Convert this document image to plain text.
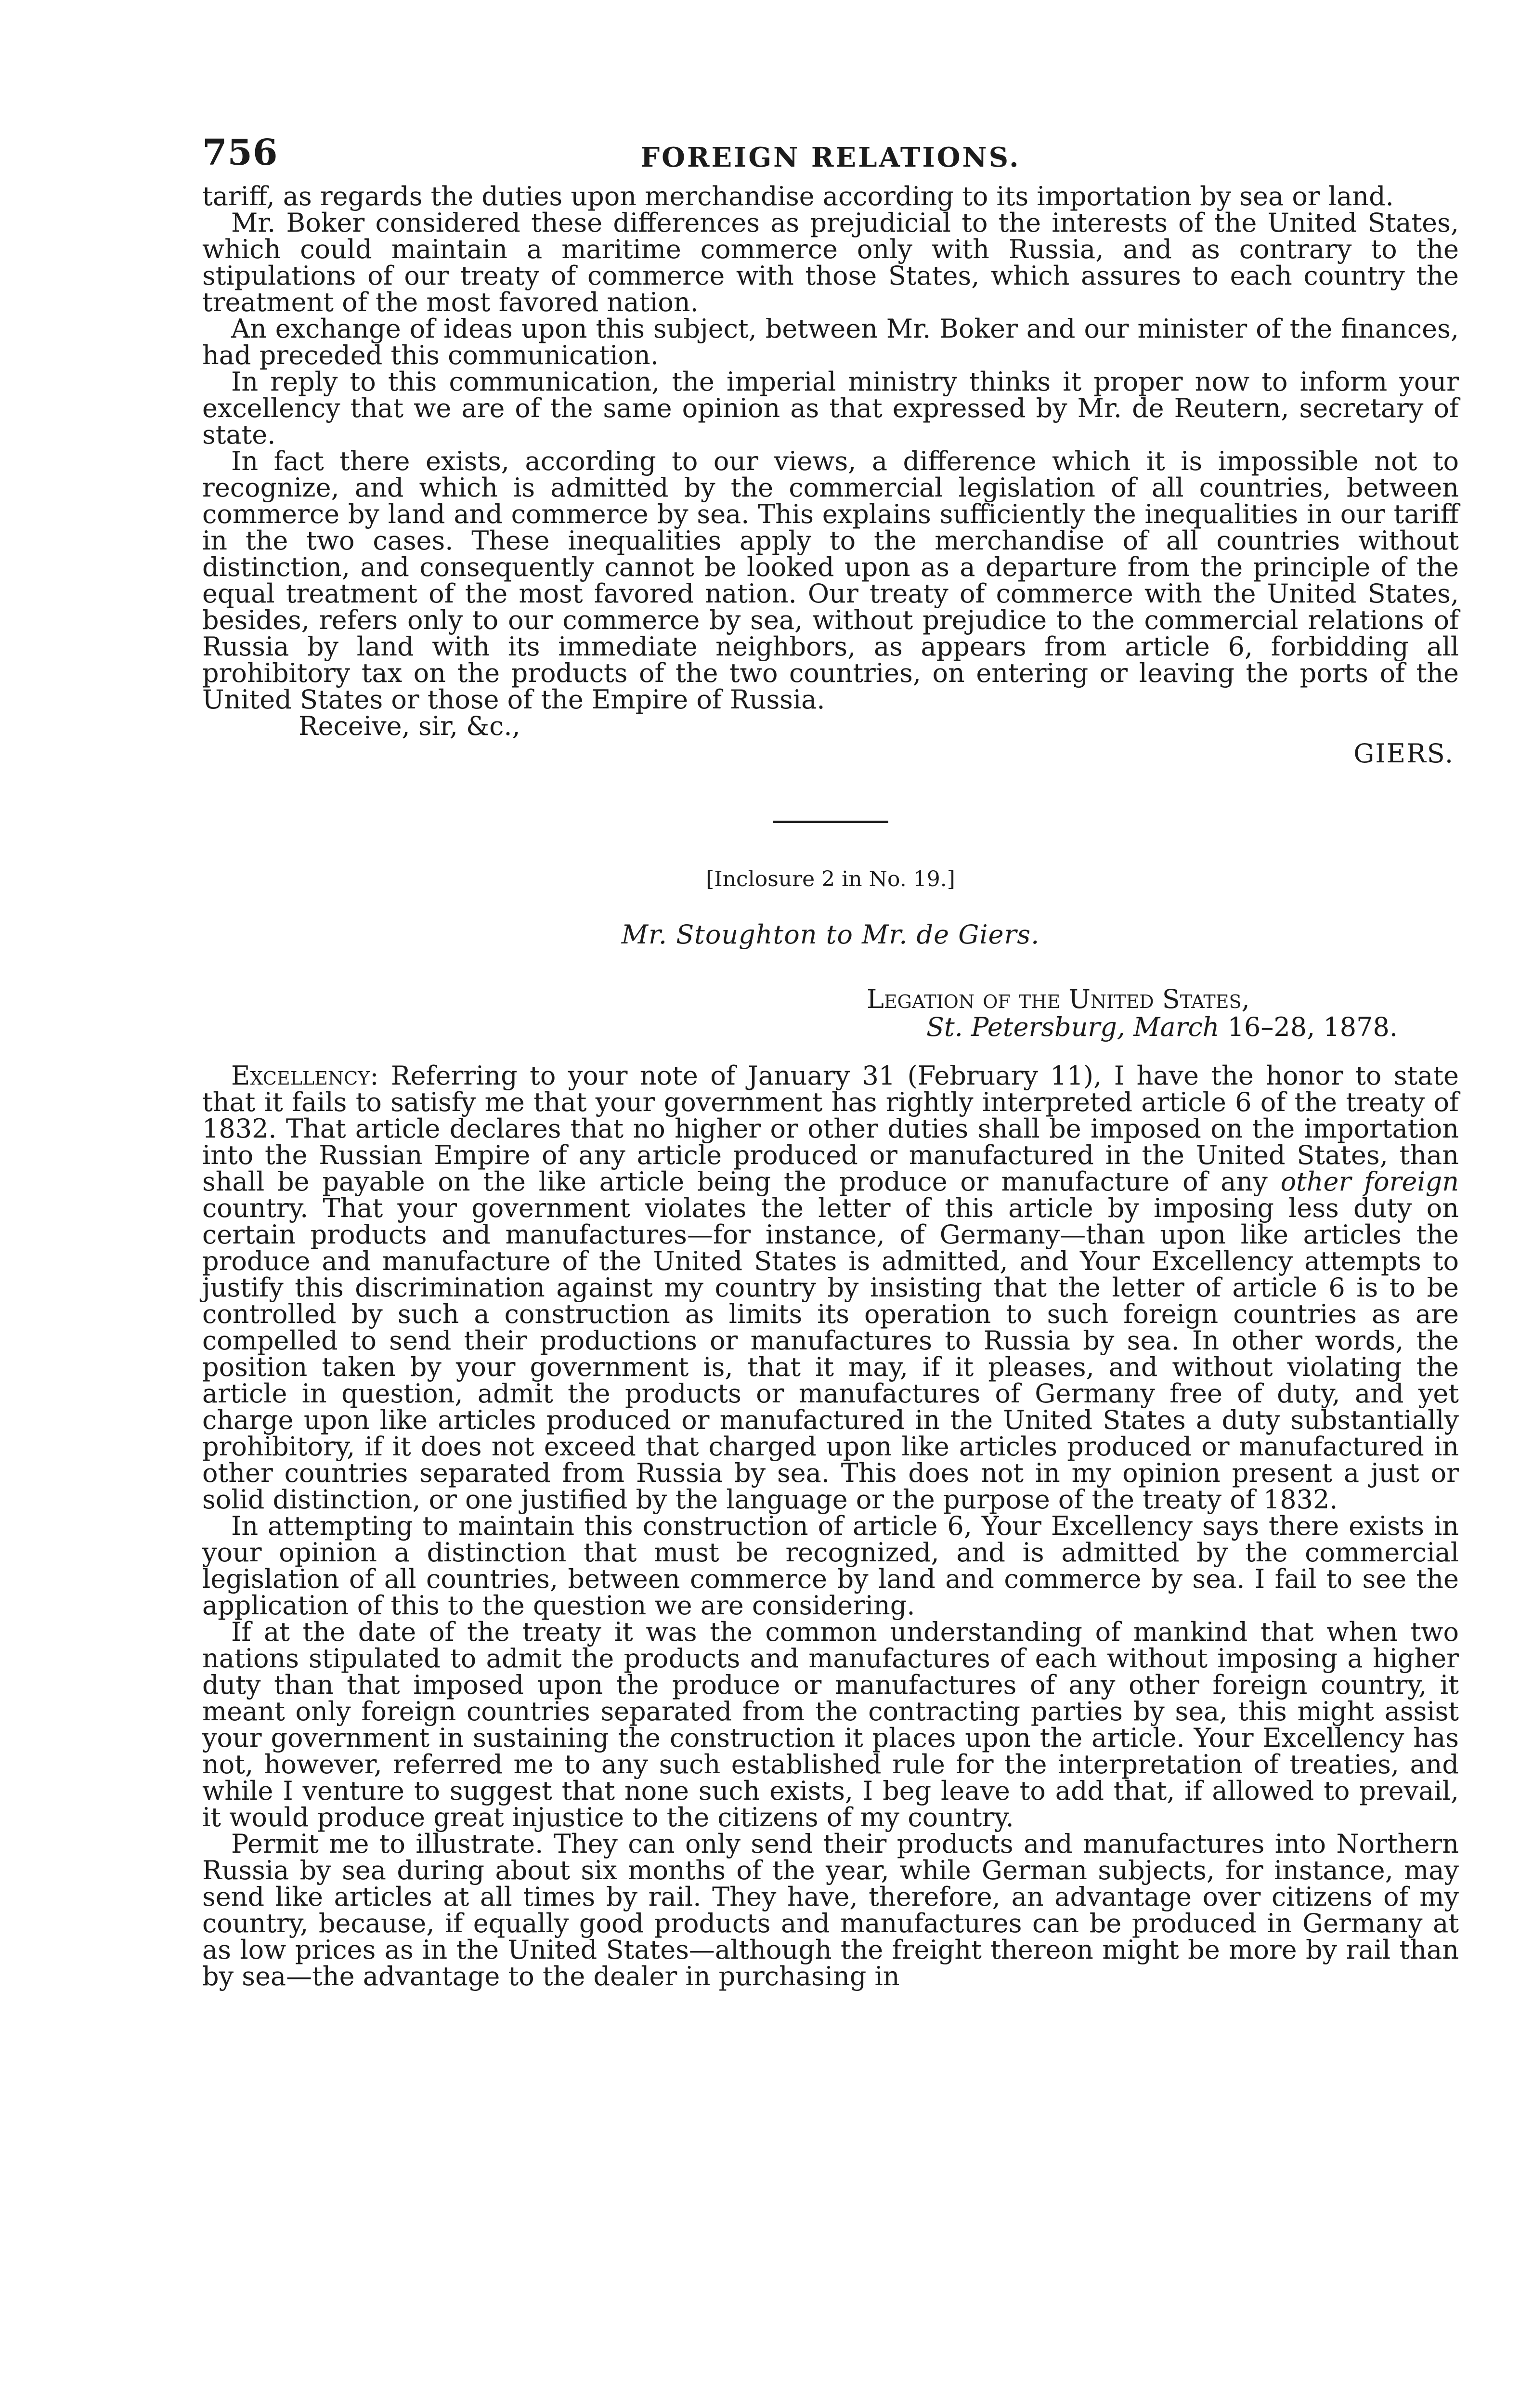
756	FOREIGN RELATIONS.

tariff, as regards the duties upon merchandise according to its importation by sea or land.

Mr. Boker considered these differences as prejudicial to the interests of the United States, which could maintain a maritime commerce only with Russia, and as contrary to the stipulations of our treaty of commerce with those States, which assures to each country the treatment of the most favored nation.

An exchange of ideas upon this subject, between Mr. Boker and our minister of the finances, had preceded this communication.

In reply to this communication, the imperial ministry thinks it proper now to inform your excellency that we are of the same opinion as that expressed by Mr. de Reutern, secretary of state.

In fact there exists, according to our views, a difference which it is impossible not to recognize, and which is admitted by the commercial legislation of all countries, between commerce by land and commerce by sea. This explains sufficiently the inequalities in our tariff in the two cases. These inequalities apply to the merchandise of all countries without distinction, and consequently cannot be looked upon as a departure from the principle of the equal treatment of the most favored nation. Our treaty of commerce with the United States, besides, refers only to our commerce by sea, without prejudice to the commercial relations of Russia by land with its immediate neighbors, as appears from article 6, forbidding all prohibitory tax on the products of the two countries, on entering or leaving the ports of the United States or those of the Empire of Russia.

Receive, sir, &c.,

GIERS.

[Inclosure 2 in No. 19.]
Mr. Stoughton to Mr. de Giers.
Legation of the United States,
St. Petersburg, March 16–28, 1878.

Excellency: Referring to your note of January 31 (February 11), I have the honor to state that it fails to satisfy me that your government has rightly interpreted article 6 of the treaty of 1832. That article declares that no higher or other duties shall be imposed on the importation into the Russian Empire of any article produced or manufactured in the United States, than shall be payable on the like article being the produce or manufacture of any other foreign country. That your government violates the letter of this article by imposing less duty on certain products and manufactures—for instance, of Germany—than upon like articles the produce and manufacture of the United States is admitted, and Your Excellency attempts to justify this discrimination against my country by insisting that the letter of article 6 is to be controlled by such a construction as limits its operation to such foreign countries as are compelled to send their productions or manufactures to Russia by sea. In other words, the position taken by your government is, that it may, if it pleases, and without violating the article in question, admit the products or manufactures of Germany free of duty, and yet charge upon like articles produced or manufactured in the United States a duty substantially prohibitory, if it does not exceed that charged upon like articles produced or manufactured in other countries separated from Russia by sea. This does not in my opinion present a just or solid distinction, or one justified by the language or the purpose of the treaty of 1832.

In attempting to maintain this construction of article 6, Your Excellency says there exists in your opinion a distinction that must be recognized, and is admitted by the commercial legislation of all countries, between commerce by land and commerce by sea. I fail to see the application of this to the question we are considering.

If at the date of the treaty it was the common understanding of mankind that when two nations stipulated to admit the products and manufactures of each without imposing a higher duty than that imposed upon the produce or manufactures of any other foreign country, it meant only foreign countries separated from the contracting parties by sea, this might assist your government in sustaining the construction it places upon the article. Your Excellency has not, however, referred me to any such established rule for the interpretation of treaties, and while I venture to suggest that none such exists, I beg leave to add that, if allowed to prevail, it would produce great injustice to the citizens of my country.

Permit me to illustrate. They can only send their products and manufactures into Northern Russia by sea during about six months of the year, while German subjects, for instance, may send like articles at all times by rail. They have, therefore, an advantage over citizens of my country, because, if equally good products and manufactures can be produced in Germany at as low prices as in the United States—although the freight thereon might be more by rail than by sea—the advantage to the dealer in purchasing in
